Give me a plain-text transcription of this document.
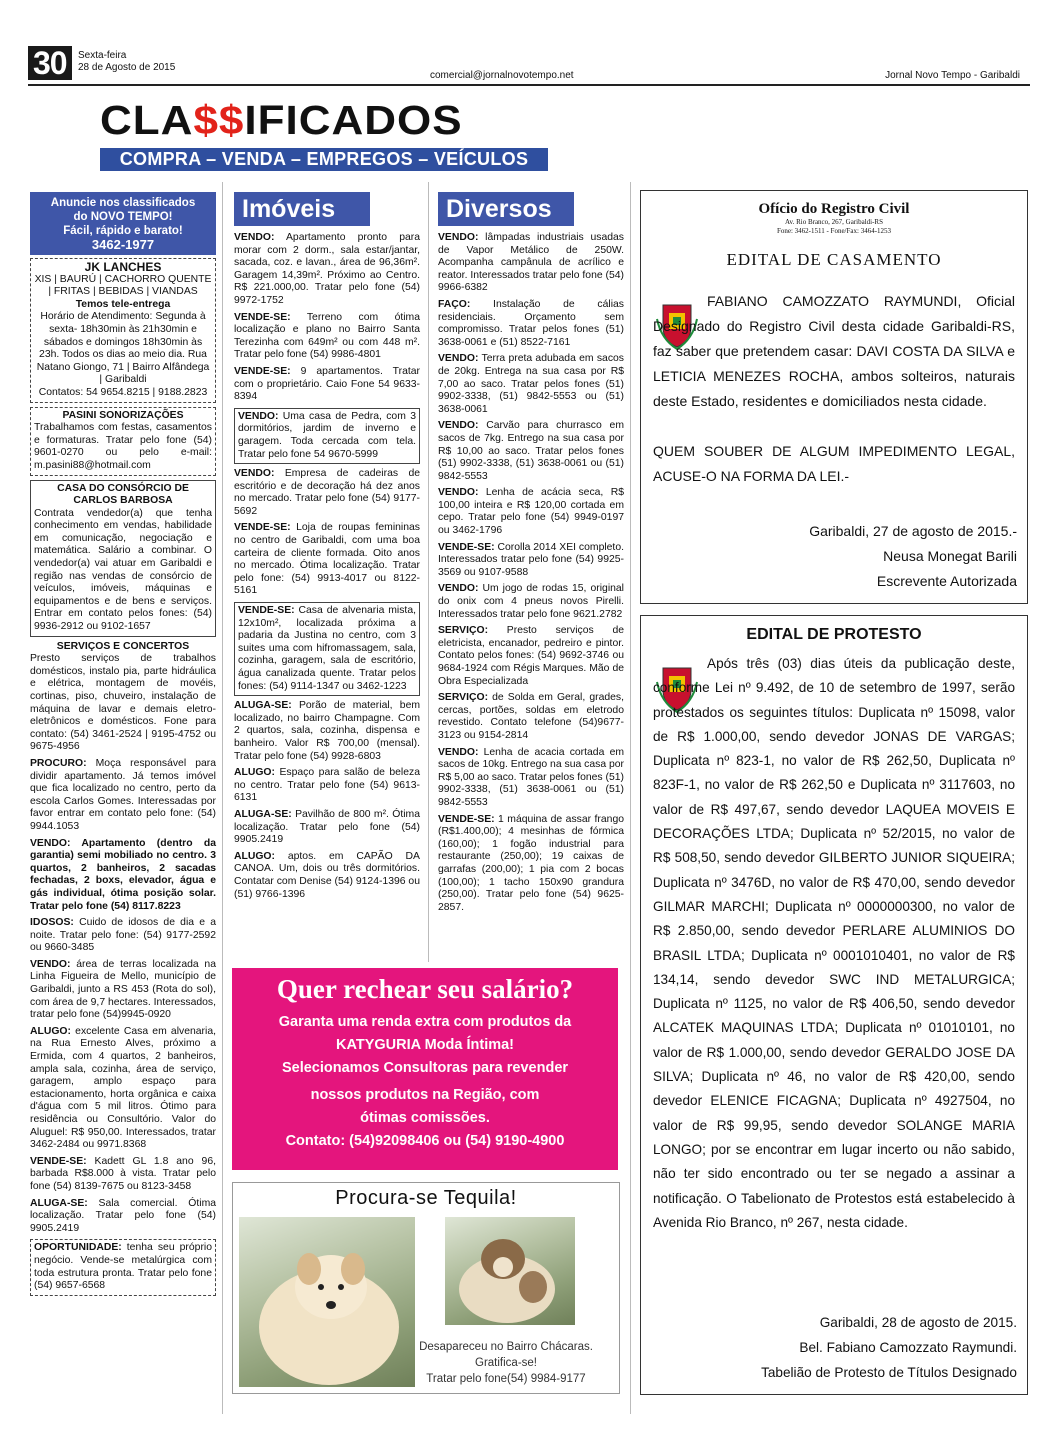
30	Sexta-feira
28 de Agosto de 2015
comercial@jornalnovotempo.net	Jornal Novo Tempo - Garibaldi
CLA$$IFICADOS
COMPRA – VENDA – EMPREGOS – VEÍCULOS
Anuncie nos classificados
do NOVO TEMPO!
Fácil, rápido e barato!
3462-1977
JK LANCHES
XIS | BAURÚ | CACHORRO QUENTE | FRITAS | BEBIDAS | VIANDAS
Temos tele-entrega
Horário de Atendimento: Segunda à sexta- 18h30min às 21h30min e sábados e domingos 18h30min às 23h. Todos os dias ao meio dia. Rua Natano Giongo, 71 | Bairro Alfândega | Garibaldi
Contatos: 54 9654.8215 | 9188.2823
PASINI SONORIZAÇÕES
Trabalhamos com festas, casamentos e formaturas. Tratar pelo fone (54) 9601-0270 ou pelo e-mail: m.pasini88@hotmail.com
CASA DO CONSÓRCIO DE CARLOS BARBOSA
Contrata vendedor(a) que tenha conhecimento em vendas, habilidade em comunicação, negociação e matemática. Salário a combinar. O vendedor(a) vai atuar em Garibaldi e região nas vendas de consórcio de veículos, imóveis, máquinas e equipamentos e de bens e serviços. Entrar em contato pelos fones: (54) 9936-2912 ou 9102-1657
SERVIÇOS E CONCERTOS

Presto serviços de trabalhos domésticos, instalo pia, parte hidráulica e elétrica, montagem de movéis, cortinas, piso, chuveiro, instalação de máquina de lavar e demais eletro-eletrônicos e domésticos. Fone para contato: (54) 3461-2524 | 9195-4752 ou 9675-4956

PROCURO: Moça responsável para dividir apartamento. Já temos imóvel que fica localizado no centro, perto da escola Carlos Gomes. Interessadas por favor entrar em contato pelo fone: (54) 9944.1053

VENDO: Apartamento (dentro da garantia) semi mobiliado no centro. 3 quartos, 2 banheiros, 2 sacadas fechadas, 2 boxs, elevador, água e gás individual, ótima posição solar. Tratar pelo fone (54) 8117.8223

IDOSOS: Cuido de idosos de dia e a noite. Tratar pelo fone: (54) 9177-2592 ou 9660-3485

VENDO: área de terras localizada na Linha Figueira de Mello, município de Garibaldi, junto a RS 453 (Rota do sol), com área de 9,7 hectares. Interessados, tratar pelo fone (54)9945-0920

ALUGO: excelente Casa em alvenaria, na Rua Ernesto Alves, próximo a Ermida, com 4 quartos, 2 banheiros, ampla sala, cozinha, área de serviço, garagem, amplo espaço para estacionamento, horta orgânica e caixa d'água com 5 mil litros. Ótimo para residência ou Consultório. Valor do Aluguel: R$ 950,00. Interessados, tratar 3462-2484 ou 9971.8368

VENDE-SE: Kadett GL 1.8 ano 96, barbada R$8.000 à vista. Tratar pelo fone (54) 8139-7675 ou 8123-3458

ALUGA-SE: Sala comercial. Ótima localização. Tratar pelo fone (54) 9905.2419

OPORTUNIDADE: tenha seu próprio negócio. Vende-se metalúrgica com toda estrutura pronta. Tratar pelo fone (54) 9657-6568
Imóveis

VENDO: Apartamento pronto para morar com 2 dorm., sala estar/jantar, sacada, coz. e lavan., área de 96,36m². Garagem 14,39m². Próximo ao Centro. R$ 221.000,00. Tratar pelo fone (54) 9972-1752

VENDE-SE: Terreno com ótima localização e plano no Bairro Santa Terezinha com 649m² ou com 448 m². Tratar pelo fone (54) 9986-4801

VENDE-SE: 9 apartamentos. Tratar com o proprietário. Caio Fone 54 9633-8394

VENDO: Uma casa de Pedra, com 3 dormitórios, jardim de inverno e garagem. Toda cercada com tela. Tratar pelo fone 54 9670-5999

VENDO: Empresa de cadeiras de escritório e de decoração há dez anos no mercado. Tratar pelo fone (54) 9177-5692

VENDE-SE: Loja de roupas femininas no centro de Garibaldi, com uma boa carteira de cliente formada. Oito anos no mercado. Ótima localização. Tratar pelo fone: (54) 9913-4017 ou 8122-5161

VENDE-SE: Casa de alvenaria mista, 12x10m², localizada próxima a padaria da Justina no centro, com 3 suites uma com hifromassagem, sala, cozinha, garagem, sala de escritório, água canalizada quente. Tratar pelos fones: (54) 9114-1347 ou 3462-1223

ALUGA-SE: Porão de material, bem localizado, no bairro Champagne. Com 2 quartos, sala, cozinha, dispensa e banheiro. Valor R$ 700,00 (mensal). Tratar pelo fone (54) 9928-6803

ALUGO: Espaço para salão de beleza no centro. Tratar pelo fone (54) 9613-6131

ALUGA-SE: Pavilhão de 800 m². Ótima localização. Tratar pelo fone (54) 9905.2419

ALUGO: aptos. em CAPÃO DA CANOA. Um, dois ou três dormitórios. Contatar com Denise (54) 9124-1396 ou (51) 9766-1396

Diversos

VENDO: lâmpadas industriais usadas de Vapor Metálico de 250W. Acompanha campânula de acrílico e reator. Interessados tratar pelo fone (54) 9966-6382

FAÇO: Instalação de cálias residenciais. Orçamento sem compromisso. Tratar pelos fones (51) 3638-0061 e (51) 8522-7161

VENDO: Terra preta adubada em sacos de 20kg. Entrega na sua casa por R$ 7,00 ao saco. Tratar pelos fones (51) 9902-3338, (51) 9842-5553 ou (51) 3638-0061

VENDO: Carvão para churrasco em sacos de 7kg. Entrego na sua casa por R$ 10,00 ao saco. Tratar pelos fones (51) 9902-3338, (51) 3638-0061 ou (51) 9842-5553

VENDO: Lenha de acácia seca, R$ 100,00 inteira e R$ 120,00 cortada em cepo. Tratar pelo fone (54) 9949-0197 ou 3462-1796

VENDE-SE: Corolla 2014 XEI completo. Interessados tratar pelo fone (54) 9925-3569 ou 9107-9588

VENDO: Um jogo de rodas 15, original do onix com 4 pneus novos Pirelli. Interessados tratar pelo fone 9621.2782

SERVIÇO: Presto serviços de eletricista, encanador, pedreiro e pintor. Contato pelos fones: (54) 9692-3746 ou 9684-1924 com Régis Marques. Mão de Obra Especializada

SERVIÇO: de Solda em Geral, grades, cercas, portões, soldas em eletrodo revestido. Contato telefone (54)9677-3123 ou 9154-2814

VENDO: Lenha de acacia cortada em sacos de 10kg. Entrego na sua casa por R$ 5,00 ao saco. Tratar pelos fones (51) 9902-3338, (51) 3638-0061 ou (51) 9842-5553

VENDE-SE: 1 máquina de assar frango (R$1.400,00); 4 mesinhas de fórmica (160,00); 1 fogão industrial para restaurante (250,00); 19 caixas de garrafas (200,00); 1 pia com 2 bocas (100,00); 1 tacho 150x90 grandura (250,00). Tratar pelo fone (54) 9625-2857.

Quer rechear seu salário?
Garanta uma renda extra com produtos da
KATYGURIA Moda Íntima!
Selecionamos Consultoras para revender
nossos produtos na Região, com
ótimas comissões.
Contato: (54)92098406 ou (54) 9190-4900
Procura-se Tequila!
Desapareceu no Bairro Chácaras.
Gratifica-se!
Tratar pelo fone(54) 9984-9177
Ofício do Registro Civil
Av. Rio Branco, 267, Garibaldi-RS
Fone: 3462-1511 - Fone/Fax: 3464-1253
EDITAL DE CASAMENTO
FABIANO CAMOZZATO RAYMUNDI, Oficial Designado do Registro Civil desta cidade Garibaldi-RS, faz saber que pretendem casar: DAVI COSTA DA SILVA e LETICIA MENEZES ROCHA, ambos solteiros, naturais deste Estado, residentes e domiciliados nesta cidade.
QUEM SOUBER DE ALGUM IMPEDIMENTO LEGAL, ACUSE-O NA FORMA DA LEI.-
Garibaldi, 27 de agosto de 2015.-
Neusa Monegat Barili
Escrevente Autorizada
EDITAL DE PROTESTO
Após três (03) dias úteis da publicação deste, conforme Lei nº 9.492, de 10 de setembro de 1997, serão protestados os seguintes títulos: Duplicata nº 15098, valor de R$ 1.000,00, sendo devedor JONAS DE VARGAS; Duplicata nº 823-1, no valor de R$ 262,50, Duplicata nº 823F-1, no valor de R$ 262,50 e Duplicata nº 3117603, no valor de R$ 497,67, sendo devedor LAQUEA MOVEIS E DECORAÇÕES LTDA; Duplicata nº 52/2015, no valor de R$ 508,50, sendo devedor GILBERTO JUNIOR SIQUEIRA; Duplicata nº 3476D, no valor de R$ 470,00, sendo devedor GILMAR MARCHI; Duplicata nº 0000000300, no valor de R$ 2.850,00, sendo devedor PERLARE ALUMINIOS DO BRASIL LTDA; Duplicata nº 0001010401, no valor de R$ 134,14, sendo devedor SWC IND METALURGICA; Duplicata nº 1125, no valor de R$ 406,50, sendo devedor ALCATEK MAQUINAS LTDA; Duplicata nº 01010101, no valor de R$ 1.000,00, sendo devedor GERALDO JOSE DA SILVA; Duplicata nº 46, no valor de R$ 420,00, sendo devedor ELENICE FICAGNA; Duplicata nº 4927504, no valor de R$ 99,95, sendo devedor SOLANGE MARIA LONGO; por se encontrar em lugar incerto ou não sabido, não ter sido encontrado ou ter se negado a assinar a notificação. O Tabelionato de Protestos está estabelecido à Avenida Rio Branco, nº 267, nesta cidade.
Garibaldi, 28 de agosto de 2015.
Bel. Fabiano Camozzato Raymundi.
Tabelião de Protesto de Títulos Designado
